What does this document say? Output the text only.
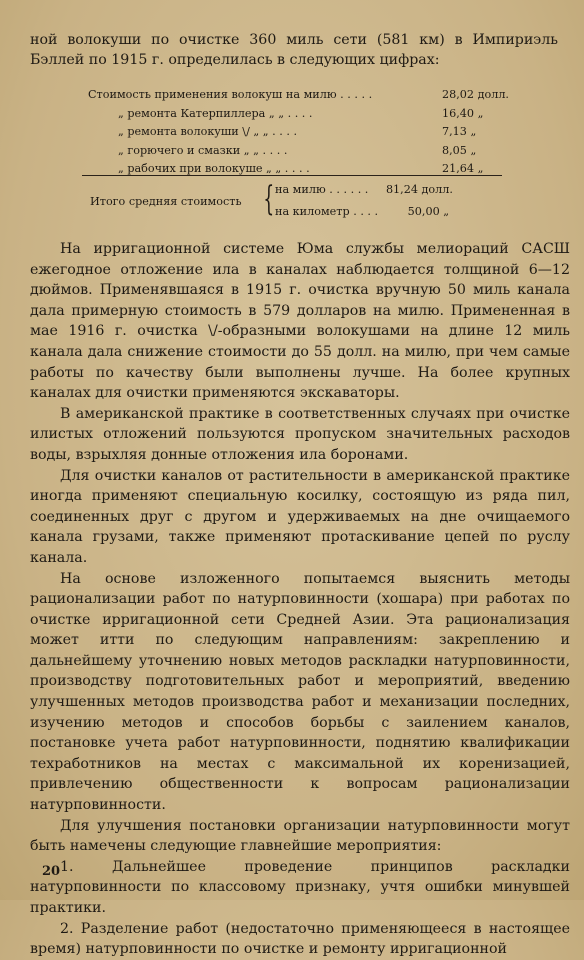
ной волокуши по очистке 360 миль сети (581 км) в Импириэль Бэллей по 1915 г. определилась в следующих цифрах:
Стоимость применения волокуш на милю . . . . .	28,02 долл.
„ ремонта Катерпиллера „ „ . . . .	16,40 „
„ ремонта волокуши \/ „ „ . . . .	7,13 „
„ горючего и смазки „ „ . . . .	8,05 „
„ рабочих при волокуше „ „ . . . .	21,64 „
Итого средняя стоимость { на милю . . . . . . 81,24 долл.
на километр . . . .	50,00 „

На ирригационной системе Юма службы мелиораций САСШ ежегодное отложение ила в каналах наблюдается толщиной 6—12 дюймов. Применявшаяся в 1915 г. очистка вручную 50 миль канала дала примерную стоимость в 579 долларов на милю. Примененная в мае 1916 г. очистка \/-образными волокушами на длине 12 миль канала дала снижение стоимости до 55 долл. на милю, при чем самые работы по качеству были выполнены лучше. На более крупных каналах для очистки применяются экскаваторы.

В американской практике в соответственных случаях при очистке илистых отложений пользуются пропуском значительных расходов воды, взрыхляя донные отложения ила боронами.

Для очистки каналов от растительности в американской практике иногда применяют специальную косилку, состоящую из ряда пил, соединенных друг с другом и удерживаемых на дне очищаемого канала грузами, также применяют протаскивание цепей по руслу канала.

На основе изложенного попытаемся выяснить методы рационализации работ по натурповинности (хошара) при работах по очистке ирригационной сети Средней Азии. Эта рационализация может итти по следующим направлениям: закреплению и дальнейшему уточнению новых методов раскладки натурповинности, производству подготовительных работ и мероприятий, введению улучшенных методов производства работ и механизации последних, изучению методов и способов борьбы с заилением каналов, постановке учета работ натурповинности, поднятию квалификации техработников на местах с максимальной их коренизацией, привлечению общественности к вопросам рационализации натурповинности.

Для улучшения постановки организации натурповинности могут быть намечены следующие главнейшие мероприятия:

1. Дальнейшее проведение принципов раскладки натурповинности по классовому признаку, учтя ошибки минувшей практики.

2. Разделение работ (недостаточно применяющееся в настоящее время) натурповинности по очистке и ремонту ирригационной

20
